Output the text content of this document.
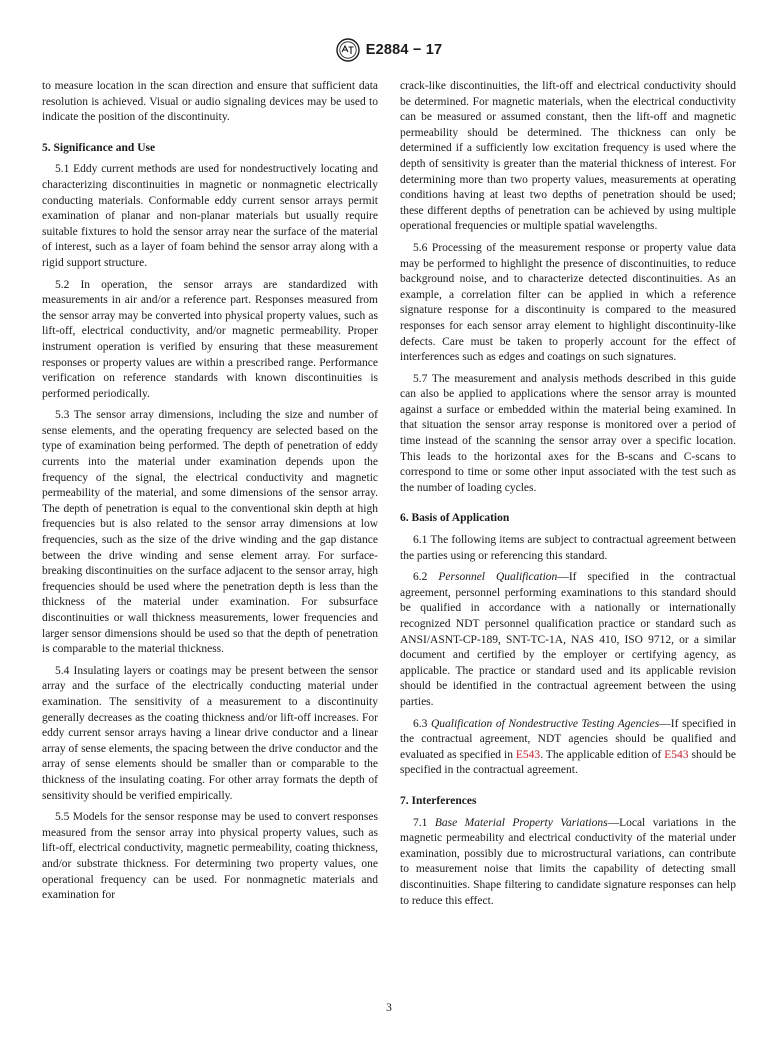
E2884 − 17

to measure location in the scan direction and ensure that sufficient data resolution is achieved. Visual or audio signaling devices may be used to indicate the position of the discontinuity.

5. Significance and Use

5.1 Eddy current methods are used for nondestructively locating and characterizing discontinuities in magnetic or nonmagnetic electrically conducting materials. Conformable eddy current sensor arrays permit examination of planar and non-planar materials but usually require suitable fixtures to hold the sensor array near the surface of the material of interest, such as a layer of foam behind the sensor array along with a rigid support structure.

5.2 In operation, the sensor arrays are standardized with measurements in air and/or a reference part. Responses measured from the sensor array may be converted into physical property values, such as lift-off, electrical conductivity, and/or magnetic permeability. Proper instrument operation is verified by ensuring that these measurement responses or property values are within a prescribed range. Performance verification on reference standards with known discontinuities is performed periodically.

5.3 The sensor array dimensions, including the size and number of sense elements, and the operating frequency are selected based on the type of examination being performed. The depth of penetration of eddy currents into the material under examination depends upon the frequency of the signal, the electrical conductivity and magnetic permeability of the material, and some dimensions of the sensor array. The depth of penetration is equal to the conventional skin depth at high frequencies but is also related to the sensor array dimensions at low frequencies, such as the size of the drive winding and the gap distance between the drive winding and sense element array. For surface-breaking discontinuities on the surface adjacent to the sensor array, high frequencies should be used where the penetration depth is less than the thickness of the material under examination. For subsurface discontinuities or wall thickness measurements, lower frequencies and larger sensor dimensions should be used so that the depth of penetration is comparable to the material thickness.

5.4 Insulating layers or coatings may be present between the sensor array and the surface of the electrically conducting material under examination. The sensitivity of a measurement to a discontinuity generally decreases as the coating thickness and/or lift-off increases. For eddy current sensor arrays having a linear drive conductor and a linear array of sense elements, the spacing between the drive conductor and the array of sense elements should be smaller than or comparable to the thickness of the insulating coating. For other array formats the depth of sensitivity should be verified empirically.

5.5 Models for the sensor response may be used to convert responses measured from the sensor array into physical property values, such as lift-off, electrical conductivity, magnetic permeability, coating thickness, and/or substrate thickness. For determining two property values, one operational frequency can be used. For nonmagnetic materials and examination for

crack-like discontinuities, the lift-off and electrical conductivity should be determined. For magnetic materials, when the electrical conductivity can be measured or assumed constant, then the lift-off and magnetic permeability should be determined. The thickness can only be determined if a sufficiently low excitation frequency is used where the depth of sensitivity is greater than the material thickness of interest. For determining more than two property values, measurements at operating conditions having at least two depths of penetration should be used; these different depths of penetration can be achieved by using multiple operational frequencies or multiple spatial wavelengths.

5.6 Processing of the measurement response or property value data may be performed to highlight the presence of discontinuities, to reduce background noise, and to characterize detected discontinuities. As an example, a correlation filter can be applied in which a reference signature response for a discontinuity is compared to the measured responses for each sensor array element to highlight discontinuity-like defects. Care must be taken to properly account for the effect of interferences such as edges and coatings on such signatures.

5.7 The measurement and analysis methods described in this guide can also be applied to applications where the sensor array is mounted against a surface or embedded within the material being examined. In that situation the sensor array response is monitored over a period of time instead of the scanning the sensor array over a specific location. This leads to the horizontal axes for the B-scans and C-scans to correspond to time or some other input associated with the test such as the number of loading cycles.

6. Basis of Application

6.1 The following items are subject to contractual agreement between the parties using or referencing this standard.

6.2 Personnel Qualification—If specified in the contractual agreement, personnel performing examinations to this standard should be qualified in accordance with a nationally or internationally recognized NDT personnel qualification practice or standard such as ANSI/ASNT-CP-189, SNT-TC-1A, NAS 410, ISO 9712, or a similar document and certified by the employer or certifying agency, as applicable. The practice or standard used and its applicable revision should be identified in the contractual agreement between the using parties.

6.3 Qualification of Nondestructive Testing Agencies—If specified in the contractual agreement, NDT agencies should be qualified and evaluated as specified in E543. The applicable edition of E543 should be specified in the contractual agreement.

7. Interferences

7.1 Base Material Property Variations—Local variations in the magnetic permeability and electrical conductivity of the material under examination, possibly due to microstructural variations, can contribute to measurement noise that limits the capability of detecting small discontinuities. Shape filtering to candidate signature responses can help to reduce this effect.

3
